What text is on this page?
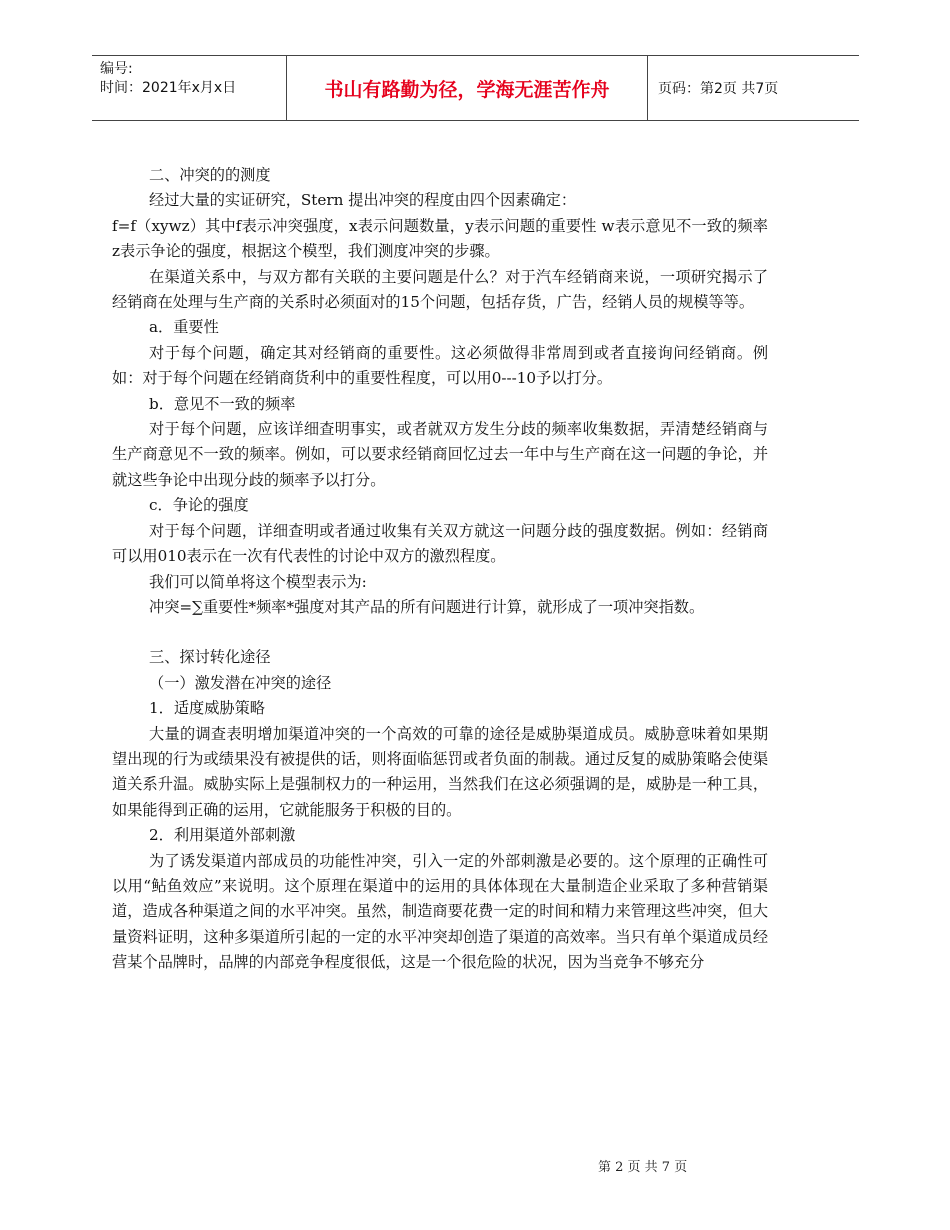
编号:
时间：2021年x月x日	书山有路勤为径，学海无涯苦作舟	页码：第2页 共7页

二、冲突的的测度

经过大量的实证研究，Stern 提出冲突的程度由四个因素确定：

f=f（xywz）其中f表示冲突强度，x表示问题数量，y表示问题的重要性 w表示意见不一致的频率 z表示争论的强度，根据这个模型，我们测度冲突的步骤。

在渠道关系中，与双方都有关联的主要问题是什么？对于汽车经销商来说，一项研究揭示了经销商在处理与生产商的关系时必须面对的15个问题，包括存货，广告，经销人员的规模等等。

a．重要性

对于每个问题，确定其对经销商的重要性。这必须做得非常周到或者直接询问经销商。例如：对于每个问题在经销商货利中的重要性程度，可以用0---10予以打分。

b．意见不一致的频率

对于每个问题，应该详细查明事实，或者就双方发生分歧的频率收集数据，弄清楚经销商与生产商意见不一致的频率。例如，可以要求经销商回忆过去一年中与生产商在这一问题的争论，并就这些争论中出现分歧的频率予以打分。

c．争论的强度

对于每个问题，详细查明或者通过收集有关双方就这一问题分歧的强度数据。例如：经销商可以用010表示在一次有代表性的讨论中双方的激烈程度。

我们可以简单将这个模型表示为:

冲突=∑重要性*频率*强度对其产品的所有问题进行计算，就形成了一项冲突指数。

三、探讨转化途径

（一）激发潜在冲突的途径

1．适度威胁策略

大量的调查表明增加渠道冲突的一个高效的可靠的途径是威胁渠道成员。威胁意味着如果期望出现的行为或绩果没有被提供的话，则将面临惩罚或者负面的制裁。通过反复的威胁策略会使渠道关系升温。威胁实际上是强制权力的一种运用，当然我们在这必须强调的是，威胁是一种工具，如果能得到正确的运用，它就能服务于积极的目的。

2．利用渠道外部刺激

为了诱发渠道内部成员的功能性冲突，引入一定的外部刺激是必要的。这个原理的正确性可以用“鲇鱼效应”来说明。这个原理在渠道中的运用的具体体现在大量制造企业采取了多种营销渠道，造成各种渠道之间的水平冲突。虽然，制造商要花费一定的时间和精力来管理这些冲突，但大量资料证明，这种多渠道所引起的一定的水平冲突却创造了渠道的高效率。当只有单个渠道成员经营某个品牌时，品牌的内部竞争程度很低，这是一个很危险的状况，因为当竞争不够充分

第 2 页 共 7 页
